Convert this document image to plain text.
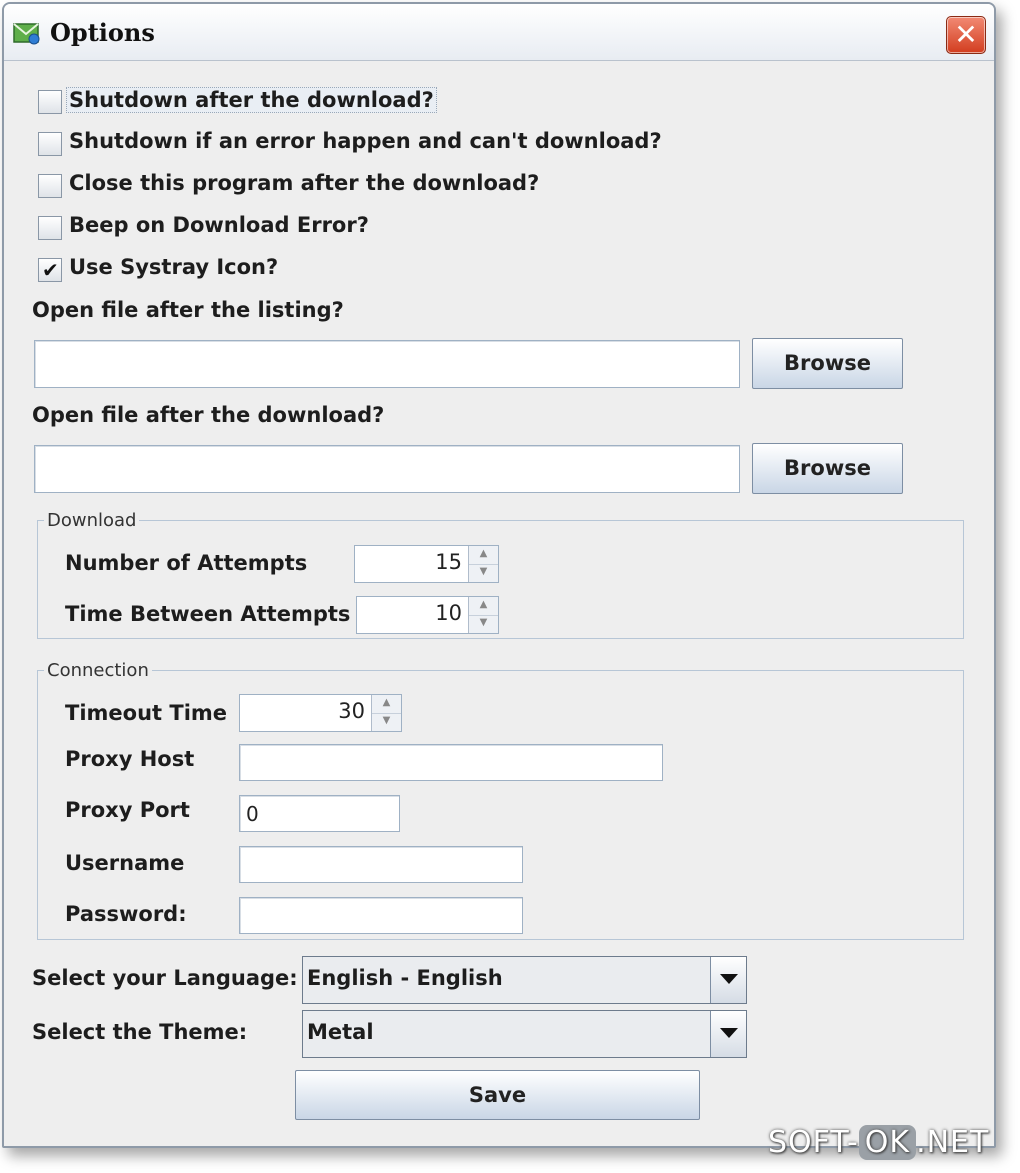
Options	✕
Shutdown after the download?
Shutdown if an error happen and can't download?
Close this program after the download?
Beep on Download Error?
✔ Use Systray Icon?
Open file after the listing?
Browse
Open file after the download?
Browse
Download
Number of Attempts	15	▲
▼
Time Between Attempts	10	▲
▼
Connection
Timeout Time	30	▲
▼
Proxy Host
Proxy Port	0
Username
Password:
Select your Language: English - English
Select the Theme:	Metal
Save
SOFT- OK .NET
